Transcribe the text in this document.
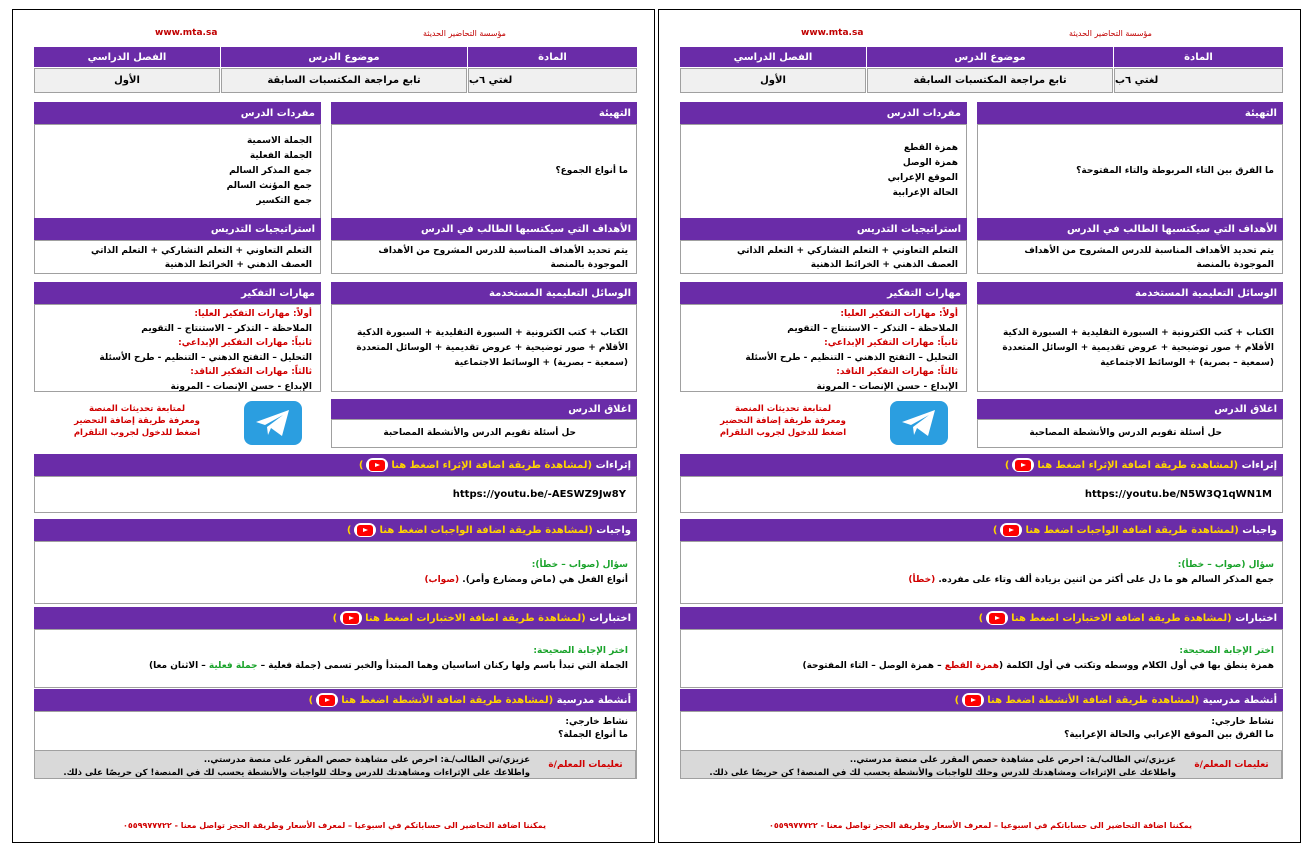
www.mta.sa	مؤسسة التحاضير الحديثة
الفصل الدراسي	موضوع الدرس	المادة
الأول	تابع مراجعة المكتسبات السابقة	لغتي ٦ب
مفردات الدرس
الجملة الاسمية
الجملة الفعلية
جمع المذكر السالم
جمع المؤنث السالم
جمع التكسير
التهيئة
ما أنواع الجموع؟
استراتيجيات التدريس
التعلم التعاوني + التعلم التشاركي + التعلم الذاتي
العصف الذهني + الخرائط الذهنية
الأهداف التي سيكتسبها الطالب في الدرس
يتم تحديد الأهداف المناسبة للدرس المشروح من الأهداف الموجودة بالمنصة
مهارات التفكير
أولاً: مهارات التفكير العليا:
الملاحظة – التذكر – الاستنتاج – التقويم
ثانياً: مهارات التفكير الإبداعي:
التحليل – التفتح الذهني – التنظيم - طرح الأسئلة
ثالثاً: مهارات التفكير الناقد:
الإبداع - حسن الإنصات - المرونة
الوسائل التعليمية المستخدمة
الكتاب + كتب الكترونية + السبورة التقليدية + السبورة الذكية
الأقلام + صور توضيحية + عروض تقديمية + الوسائل المتعددة
(سمعية – بصرية) + الوسائط الاجتماعية
لمتابعة تحديثات المنصة
ومعرفة طريقة إضافة التحضير
اضغط للدخول لجروب التلقرام
اغلاق الدرس
حل أسئلة تقويم الدرس والأنشطة المصاحبة
إثراءات

(لمشاهدة طريقة اضافة الإثراء اضغط هنا
)
https://youtu.be/-AESWZ9Jw8Y
واجبات

(لمشاهدة طريقة اضافة الواجبات اضغط هنا
)
سؤال (صواب – خطأ):
أنواع الفعل هي (ماض ومضارع وأمر). (صواب)
اختبارات

(لمشاهدة طريقة اضافة الاختبارات اضغط هنا
)
اختر الإجابة الصحيحة:
الجملة التي تبدأ باسم ولها ركنان اساسيان وهما المبتدأ والخبر تسمى (جملة فعلية – جملة فعلية – الاثنان معا)
أنشطة مدرسية

(لمشاهدة طريقة اضافة الأنشطة اضغط هنا
)
نشاط خارجي:
ما أنواع الجملة؟
تعليمات المعلم/ة
عزيزي/تي الطالب/ـة: احرص على مشاهدة حصص المقرر على منصة مدرستي..
واطلاعك على الإثراءات ومشاهدتك للدرس وحلك للواجبات والأنشطة يحسب لك في المنصة! كن حريصًا على ذلك.
يمكننا اضافة التحاضير الى حساباتكم في اسبوعيا – لمعرف الأسعار وطريقة الحجز تواصل معنا - ٠٥٥٩٩٧٧٧٢٢
www.mta.sa	مؤسسة التحاضير الحديثة
الفصل الدراسي	موضوع الدرس	المادة
الأول	تابع مراجعة المكتسبات السابقة	لغتي ٦ب
مفردات الدرس
همزة القطع
همزة الوصل
الموقع الإعرابي
الحالة الإعرابية
التهيئة
ما الفرق بين التاء المربوطة والتاء المفتوحة؟
استراتيجيات التدريس
التعلم التعاوني + التعلم التشاركي + التعلم الذاتي
العصف الذهني + الخرائط الذهنية
الأهداف التي سيكتسبها الطالب في الدرس
يتم تحديد الأهداف المناسبة للدرس المشروح من الأهداف الموجودة بالمنصة
مهارات التفكير
أولاً: مهارات التفكير العليا:
الملاحظة – التذكر – الاستنتاج – التقويم
ثانياً: مهارات التفكير الإبداعي:
التحليل – التفتح الذهني – التنظيم - طرح الأسئلة
ثالثاً: مهارات التفكير الناقد:
الإبداع - حسن الإنصات - المرونة
الوسائل التعليمية المستخدمة
الكتاب + كتب الكترونية + السبورة التقليدية + السبورة الذكية
الأقلام + صور توضيحية + عروض تقديمية + الوسائل المتعددة
(سمعية – بصرية) + الوسائط الاجتماعية
لمتابعة تحديثات المنصة
ومعرفة طريقة إضافة التحضير
اضغط للدخول لجروب التلقرام
اغلاق الدرس
حل أسئلة تقويم الدرس والأنشطة المصاحبة
إثراءات

(لمشاهدة طريقة اضافة الإثراء اضغط هنا
)
https://youtu.be/N5W3Q1qWN1M
واجبات

(لمشاهدة طريقة اضافة الواجبات اضغط هنا
)
سؤال (صواب – خطأ):
جمع المذكر السالم هو ما دل على أكثر من اثنين بزيادة ألف وتاء على مفرده. (خطأ)
اختبارات

(لمشاهدة طريقة اضافة الاختبارات اضغط هنا
)
اختر الإجابة الصحيحة:
همزة ينطق بها في أول الكلام ووسطه وتكتب في أول الكلمة (همزة القطع – همزة الوصل – التاء المفتوحة)
أنشطة مدرسية

(لمشاهدة طريقة اضافة الأنشطة اضغط هنا
)
نشاط خارجي:
ما الفرق بين الموقع الإعرابي والحالة الإعرابية؟
تعليمات المعلم/ة
عزيزي/تي الطالب/ـة: احرص على مشاهدة حصص المقرر على منصة مدرستي..
واطلاعك على الإثراءات ومشاهدتك للدرس وحلك للواجبات والأنشطة يحسب لك في المنصة! كن حريصًا على ذلك.
يمكننا اضافة التحاضير الى حساباتكم في اسبوعيا – لمعرف الأسعار وطريقة الحجز تواصل معنا - ٠٥٥٩٩٧٧٧٢٢
